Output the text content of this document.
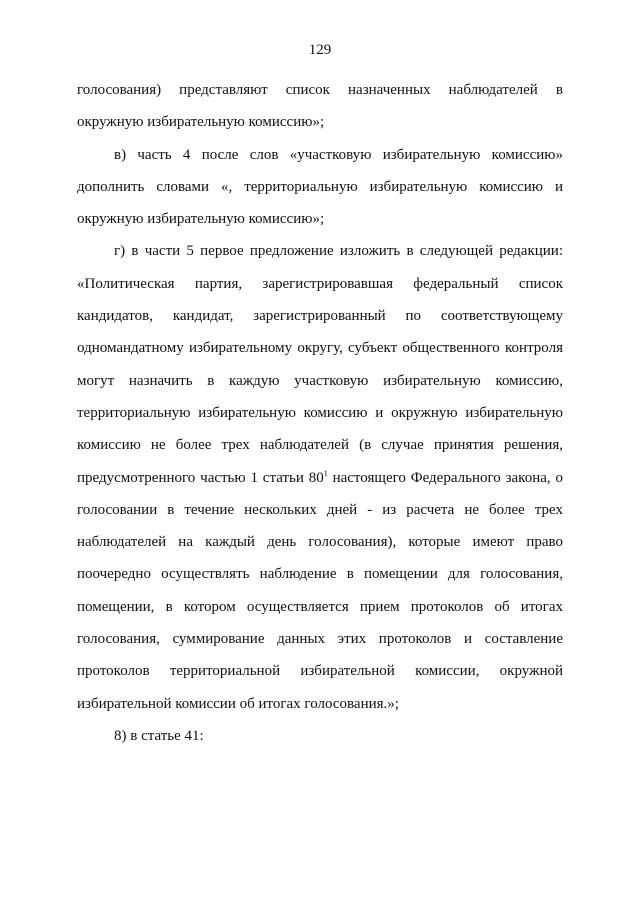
129
голосования) представляют список назначенных наблюдателей в
окружную избирательную комиссию»;
в) часть 4 после слов «участковую избирательную комиссию»
дополнить словами «, территориальную избирательную комиссию и
окружную избирательную комиссию»;
г) в части 5 первое предложение изложить в следующей редакции:
«Политическая партия, зарегистрировавшая федеральный список
кандидатов, кандидат, зарегистрированный по соответствующему
одномандатному избирательному округу, субъект общественного контроля
могут назначить в каждую участковую избирательную комиссию,
территориальную избирательную комиссию и окружную избирательную
комиссию не более трех наблюдателей (в случае принятия решения,
предусмотренного частью 1 статьи $80^1$ настоящего Федерального закона, о
голосовании в течение нескольких дней - из расчета не более трех
наблюдателей на каждый день голосования), которые имеют право
поочередно осуществлять наблюдение в помещении для голосования,
помещении, в котором осуществляется прием протоколов об итогах
голосования, суммирование данных этих протоколов и составление
протоколов территориальной избирательной комиссии, окружной
избирательной комиссии об итогах голосования.»;
8) в статье 41:
